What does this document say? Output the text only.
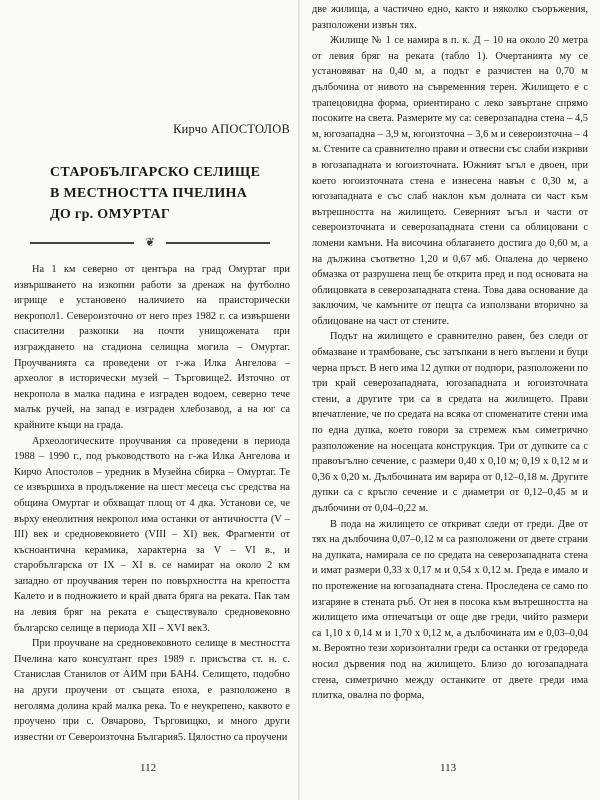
Кирчо АПОСТОЛОВ
СТАРОБЪЛГАРСКО СЕЛИЩЕ
В МЕСТНОСТТА ПЧЕЛИНА
ДО гр. ОМУРТАГ
❦

На 1 км северно от центъра на град Омуртаг при извършването на изкопни работи за дренаж на футболно игрище е установено наличието на праисторически некропол1. Североизточно от него през 1982 г. са извършени спасителни разкопки на почти унищожената при изграждането на стадиона селищна могила – Омуртаг. Проучванията са проведени от г-жа Илка Ангелова – археолог в исторически музей – Търговище2. Източно от некропола в малка падина е изграден водоем, северно тече малък ручей, на запад е изграден хлебозавод, а на юг са крайните къщи на града.

Археологическите проучвания са проведени в периода 1988 – 1990 г., под ръководството на г-жа Илка Ангелова и Кирчо Апостолов – уредник в Музейна сбирка – Омуртаг. Те се извършиха в продължение на шест месеца със средства на община Омуртаг и обхващат площ от 4 дка. Установи се, че върху енеолитния некропол има останки от античността (V – III) век и средновековието (VIII – XI) век. Фрагменти от късноантична керамика, характерна за V – VI в., и старобългарска от IX – XI в. се намират на около 2 км западно от проучвания терен по повърхността на крепостта Калето и в подножието и край двата бряга на реката. Пак там на левия бряг на реката е съществувало средновековно българско селище в периода XII – XVI век3.

При проучване на средновековното селище в местността Пчелина като консултант през 1989 г. присъства ст. н. с. Станислав Станилов от АИМ при БАН4. Селището, подобно на други проучени от същата епоха, е разположено в неголяма долина край малка река. То е неукрепено, каквото е проучено при с. Овчарово, Търговищко, и много други известни от Североизточна България5. Цялостно са проучени

112

две жилища, а частично едно, както и няколко съоръжения, разположени извън тях.

Жилище № 1 се намира в п. к. Д – 10 на около 20 метра от левия бряг на реката (табло 1). Очертанията му се установяват на 0,40 м, а подът е разчистен на 0,70 м дълбочина от нивото на съвременния терен. Жилището е с трапецовидна форма, ориентирано с леко завъртане спрямо посоките на света. Размерите му са: северозападна стена – 4,5 м, югозападна – 3,9 м, югоизточна – 3,6 м и североизточна – 4 м. Стените са сравнително прави и отвесни със слаби изкриви в югозападната и югоизточната. Южният ъгъл е двоен, при което югоизточната стена е изнесена навън с 0,30 м, а югозападната е със слаб наклон към долната си част към вътрешността на жилището. Северният ъгъл и части от североизточната и северозападната стени са облицовани с ломени камъни. На височина облагането достига до 0,60 м, а на дължина съответно 1,20 и 0,67 м6. Опалена до червено обмазка от разрушена пещ бе открита пред и под основата на облицовката в северозападната стена. Това дава основание да заключим, че камъните от пещта са използвани вторично за облицоване на част от стените.

Подът на жилището е сравнително равен, без следи от обмазване и трамбоване, със затъпкани в него въглени и буци черна пръст. В него има 12 дупки от подпори, разположени по три край северозападната, югозападната и югоизточната стени, а другите три са в средата на жилището. Прави впечатление, че по средата на всяка от споменатите стени има по една дупка, което говори за стремеж към симетрично разположение на носещата конструкция. Три от дупките са с правоъгълно сечение, с размери 0,40 х 0,10 м; 0,19 х 0,12 м и 0,36 х 0,20 м. Дълбочината им варира от 0,12–0,18 м. Другите дупки са с кръгло сечение и с диаметри от 0,12–0,45 м и дълбочини от 0,04–0,22 м.

В пода на жилището се откриват следи от греди. Две от тях на дълбочина 0,07–0,12 м са разположени от двете страни на дупката, намирала се по средата на северозападната стена и имат размери 0,33 х 0,17 м и 0,54 х 0,12 м. Греда е имало и по протежение на югозападната стена. Проследена се само по изгаряне в стената ръб. От нея в посока към вътрешността на жилището има отпечатъци от още две греди, чийто размери са 1,10 х 0,14 м и 1,70 х 0,12 м, а дълбочината им е 0,03–0,04 м. Вероятно тези хоризонтални греди са останки от гредореда носил дървения под на жилището. Близо до югозападната стена, симетрично между останките от двете греди има плитка, овална по форма,

113
